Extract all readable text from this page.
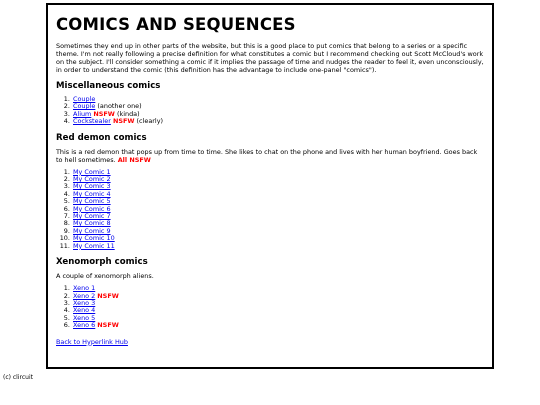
COMICS AND SEQUENCES

Sometimes they end up in other parts of the website, but this is a good place to put comics that belong to a series or a specific theme. I'm not really following a precise definition for what constitutes a comic but I recommend checking out Scott McCloud's work on the subject. I'll consider something a comic if it implies the passage of time and nudges the reader to feel it, even unconsciously, in order to understand the comic (this definition has the advantage to include one-panel "comics").

Miscellaneous comics
1. Couple
2. Couple (another one)
3. Alium NSFW (kinda)
4. Cockstealer NSFW (clearly)
Red demon comics

This is a red demon that pops up from time to time. She likes to chat on the phone and lives with her human boyfriend. Goes back to hell sometimes. All NSFW

1. My Comic 1
2. My Comic 2
3. My Comic 3
4. My Comic 4
5. My Comic 5
6. My Comic 6
7. My Comic 7
8. My Comic 8
9. My Comic 9
10. My Comic 10
11. My Comic 11
Xenomorph comics

A couple of xenomorph aliens.

1. Xeno 1
2. Xeno 2 NSFW
3. Xeno 3
4. Xeno 4
5. Xeno 5
6. Xeno 6 NSFW
Back to Hyperlink Hub
(c) clircuit
